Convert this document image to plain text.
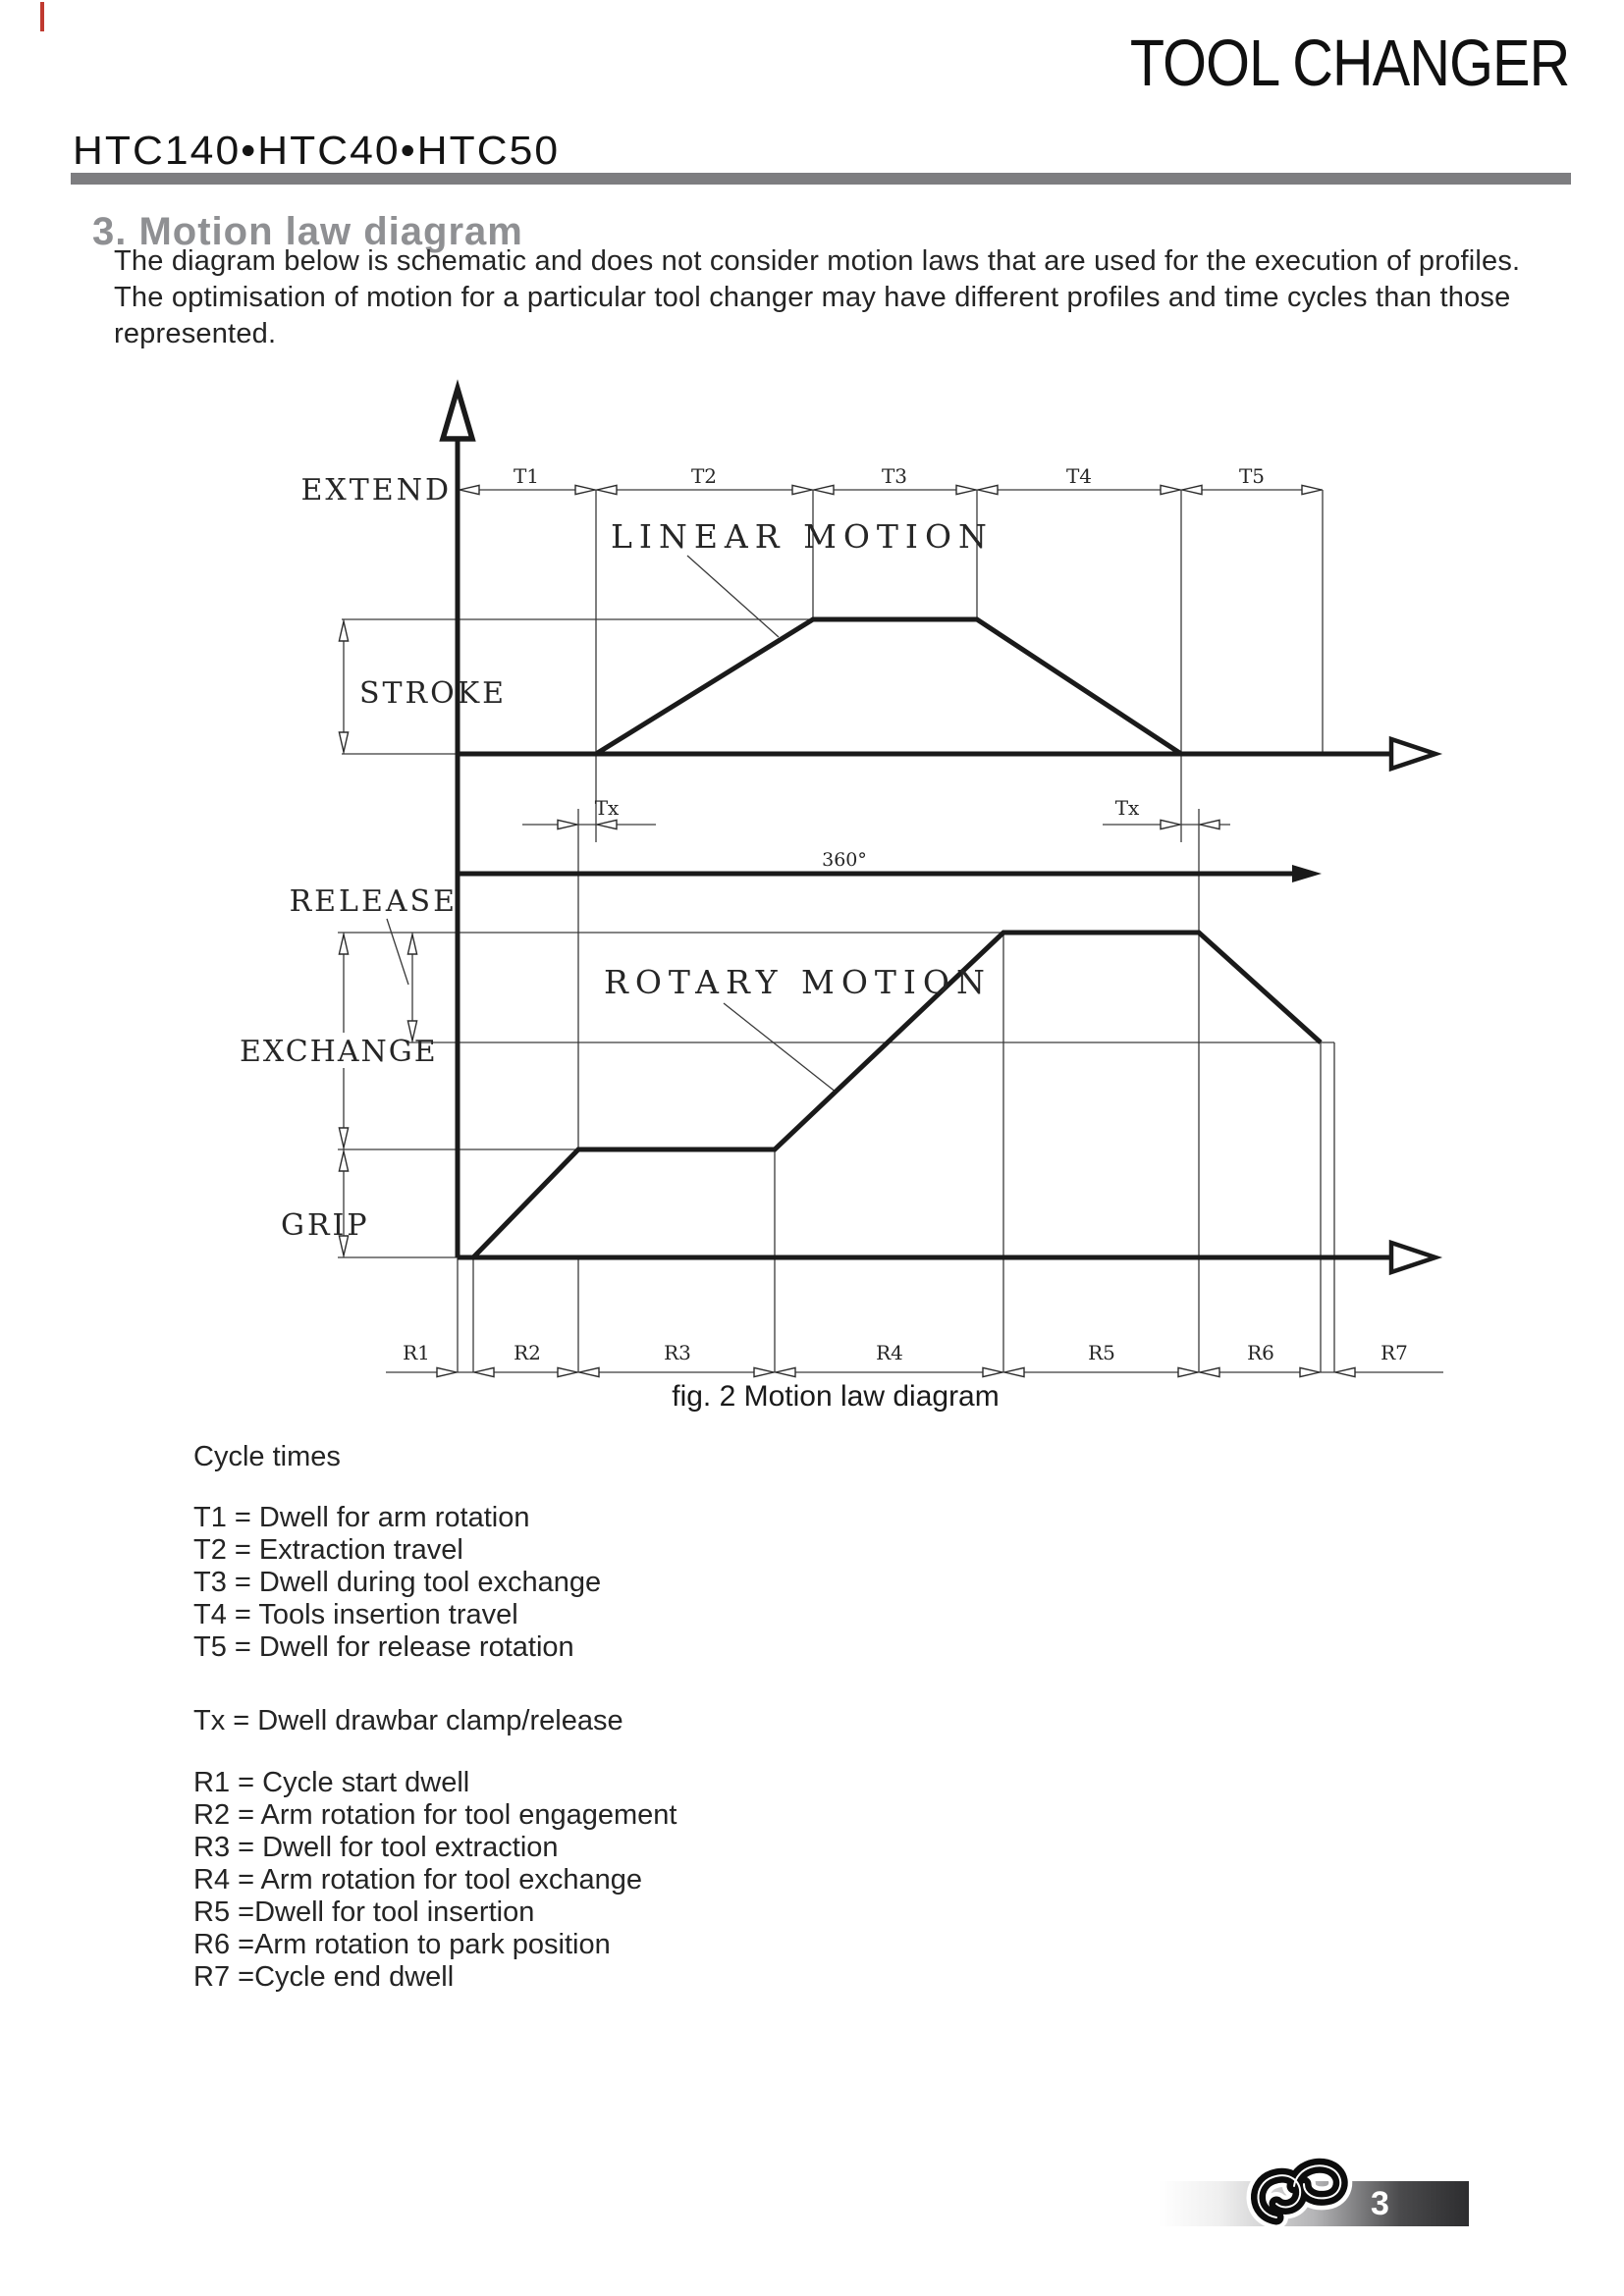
TOOL CHANGER
HTC140•HTC40•HTC50
3. Motion law diagram
The diagram below is schematic and does not consider motion laws that are used for the execution of profiles.
The optimisation of motion for a particular tool changer may have different profiles and time cycles than those
represented.
EXTEND	T1	T2	T3	T4	T5
LINEAR MOTION
STROKE
Tx	Tx
360°
RELEASE
ROTARY MOTION
EXCHANGE
GRIP
R1	R2	R3	R4	R5	R6	R7
fig. 2 Motion law diagram
Cycle times
T1 = Dwell for arm rotation
T2 = Extraction travel
T3 = Dwell during tool exchange
T4 = Tools insertion travel
T5 = Dwell for release rotation
Tx = Dwell drawbar clamp/release
R1 = Cycle start dwell
R2 = Arm rotation for tool engagement
R3 = Dwell for tool extraction
R4 = Arm rotation for tool exchange
R5 =Dwell for tool insertion
R6 =Arm rotation to park position
R7 =Cycle end dwell
3
